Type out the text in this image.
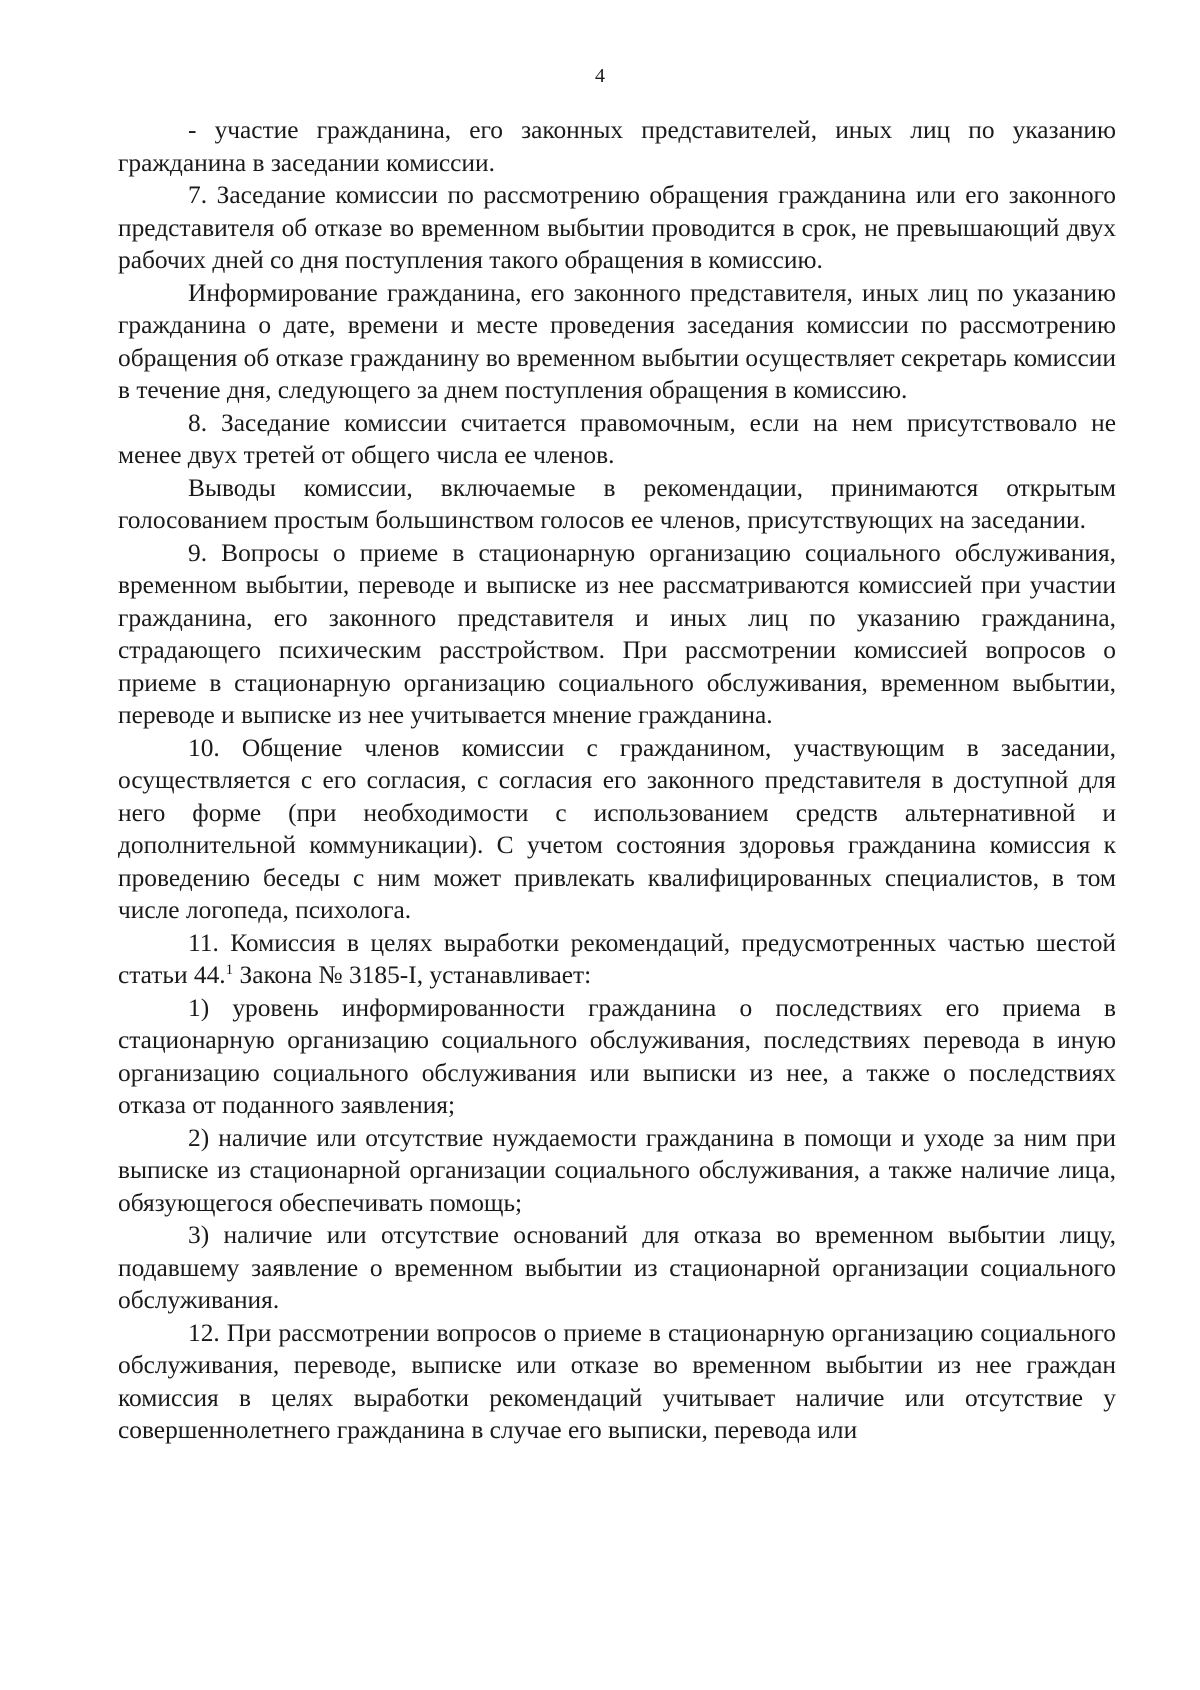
4

- участие гражданина, его законных представителей, иных лиц по указанию гражданина в заседании комиссии.

7. Заседание комиссии по рассмотрению обращения гражданина или его законного представителя об отказе во временном выбытии проводится в срок, не превышающий двух рабочих дней со дня поступления такого обращения в комиссию.

Информирование гражданина, его законного представителя, иных лиц по указанию гражданина о дате, времени и месте проведения заседания комиссии по рассмотрению обращения об отказе гражданину во временном выбытии осуществляет секретарь комиссии в течение дня, следующего за днем поступления обращения в комиссию.

8. Заседание комиссии считается правомочным, если на нем присутствовало не менее двух третей от общего числа ее членов.

Выводы комиссии, включаемые в рекомендации, принимаются открытым голосованием простым большинством голосов ее членов, присутствующих на заседании.

9. Вопросы о приеме в стационарную организацию социального обслуживания, временном выбытии, переводе и выписке из нее рассматриваются комиссией при участии гражданина, его законного представителя и иных лиц по указанию гражданина, страдающего психическим расстройством. При рассмотрении комиссией вопросов о приеме в стационарную организацию социального обслуживания, временном выбытии, переводе и выписке из нее учитывается мнение гражданина.

10. Общение членов комиссии с гражданином, участвующим в заседании, осуществляется с его согласия, с согласия его законного представителя в доступной для него форме (при необходимости с использованием средств альтернативной и дополнительной коммуникации). С учетом состояния здоровья гражданина комиссия к проведению беседы с ним может привлекать квалифицированных специалистов, в том числе логопеда, психолога.

11. Комиссия в целях выработки рекомендаций, предусмотренных частью шестой статьи 44.$^1$ Закона № 3185-I, устанавливает:

1) уровень информированности гражданина о последствиях его приема в стационарную организацию социального обслуживания, последствиях перевода в иную организацию социального обслуживания или выписки из нее, а также о последствиях отказа от поданного заявления;

2) наличие или отсутствие нуждаемости гражданина в помощи и уходе за ним при выписке из стационарной организации социального обслуживания, а также наличие лица, обязующегося обеспечивать помощь;

3) наличие или отсутствие оснований для отказа во временном выбытии лицу, подавшему заявление о временном выбытии из стационарной организации социального обслуживания.

12. При рассмотрении вопросов о приеме в стационарную организацию социального обслуживания, переводе, выписке или отказе во временном выбытии из нее граждан комиссия в целях выработки рекомендаций учитывает наличие или отсутствие у совершеннолетнего гражданина в случае его выписки, перевода или
